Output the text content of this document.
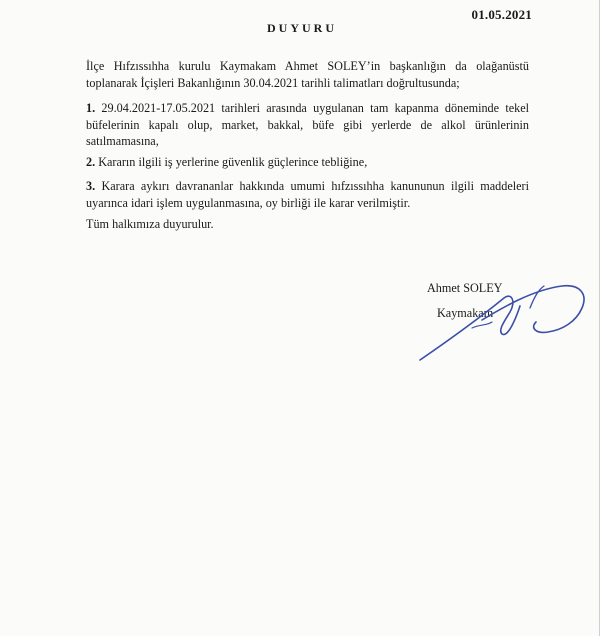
01.05.2021
DUYURU
İlçe Hıfzıssıhha kurulu Kaymakam Ahmet SOLEY’in başkanlığın da olağanüstü toplanarak İçişleri Bakanlığının 30.04.2021 tarihli talimatları doğrultusunda;
1. 29.04.2021-17.05.2021 tarihleri arasında uygulanan tam kapanma döneminde tekel büfelerinin kapalı olup, market, bakkal, büfe gibi yerlerde de alkol ürünlerinin satılmamasına,
2. Kararın ilgili iş yerlerine güvenlik güçlerince tebliğine,
3. Karara aykırı davrananlar hakkında umumi hıfzıssıhha kanununun ilgili maddeleri uyarınca idari işlem uygulanmasına, oy birliği ile karar verilmiştir.
Tüm halkımıza duyurulur.
Ahmet SOLEY
Kaymakam
